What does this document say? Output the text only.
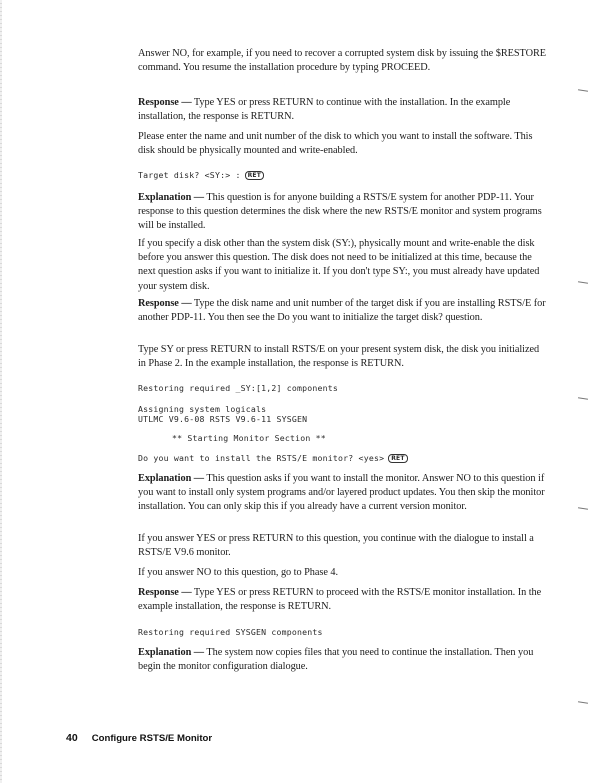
Answer NO, for example, if you need to recover a corrupted system disk by issuing the $RESTORE command. You resume the installation procedure by typing PROCEED.

Response — Type YES or press RETURN to continue with the installation. In the example installation, the response is RETURN.

Please enter the name and unit number of the disk to which you want to install the software. This disk should be physically mounted and write-enabled.

Target disk? <SY:> : RET

Explanation — This question is for anyone building a RSTS/E system for another PDP-11. Your response to this question determines the disk where the new RSTS/E monitor and system programs will be installed.

If you specify a disk other than the system disk (SY:), physically mount and write-enable the disk before you answer this question. The disk does not need to be initialized at this time, because the next question asks if you want to initialize it. If you don't type SY:, you must already have updated your system disk.

Response — Type the disk name and unit number of the target disk if you are installing RSTS/E for another PDP-11. You then see the Do you want to initialize the target disk? question.

Type SY or press RETURN to install RSTS/E on your present system disk, the disk you initialized in Phase 2. In the example installation, the response is RETURN.

Restoring required _SY:[1,2] components
Assigning system logicals
UTLMC V9.6-08 RSTS V9.6-11 SYSGEN
** Starting Monitor Section **
Do you want to install the RSTS/E monitor? <yes> RET

Explanation — This question asks if you want to install the monitor. Answer NO to this question if you want to install only system programs and/or layered product updates. You then skip the monitor installation. You can only skip this if you already have a current version monitor.

If you answer YES or press RETURN to this question, you continue with the dialogue to install a RSTS/E V9.6 monitor.

If you answer NO to this question, go to Phase 4.

Response — Type YES or press RETURN to proceed with the RSTS/E monitor installation. In the example installation, the response is RETURN.

Restoring required SYSGEN components

Explanation — The system now copies files that you need to continue the installation. Then you begin the monitor configuration dialogue.

40 Configure RSTS/E Monitor
